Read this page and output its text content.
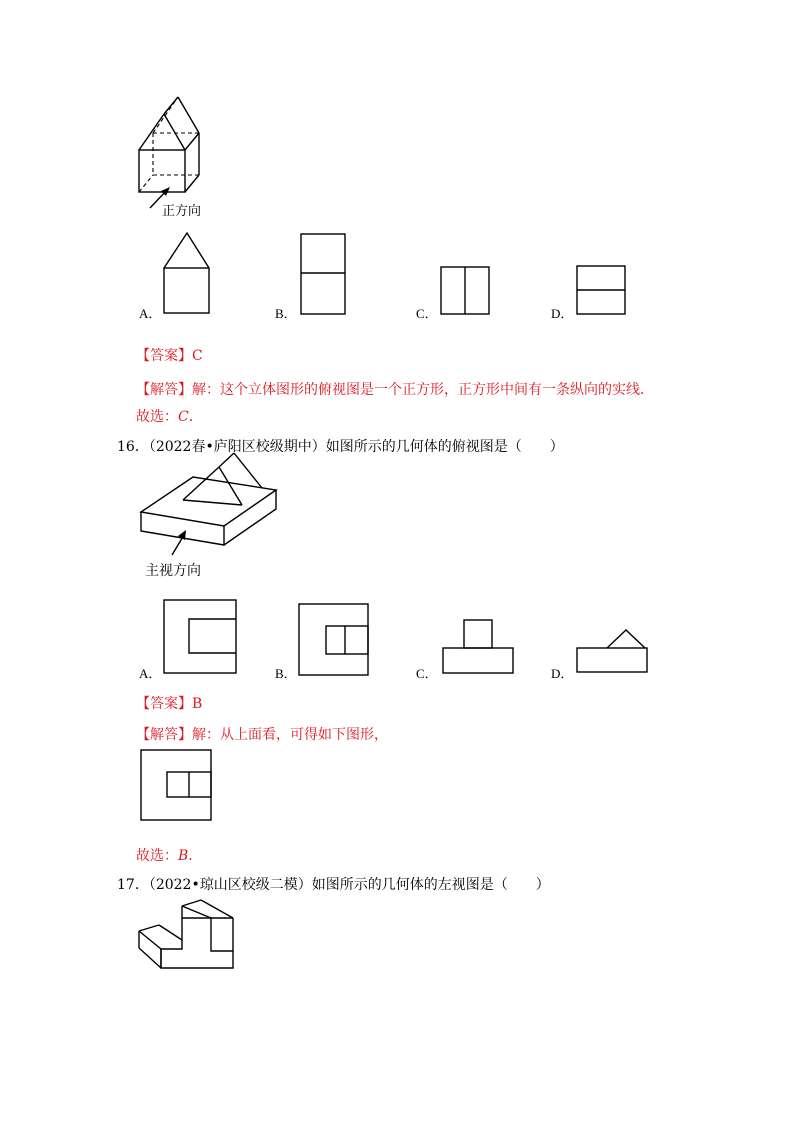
正方向
A．	B．	C．	D．
【答案】C
【解答】解：这个立体图形的俯视图是一个正方形，正方形中间有一条纵向的实线．
故选：C．
16．（2022春•庐阳区校级期中）如图所示的几何体的俯视图是（　　）
主视方向
A．	B．	C．	D．
【答案】B
【解答】解：从上面看，可得如下图形，
故选：B．
17．（2022•琼山区校级二模）如图所示的几何体的左视图是（　　）
